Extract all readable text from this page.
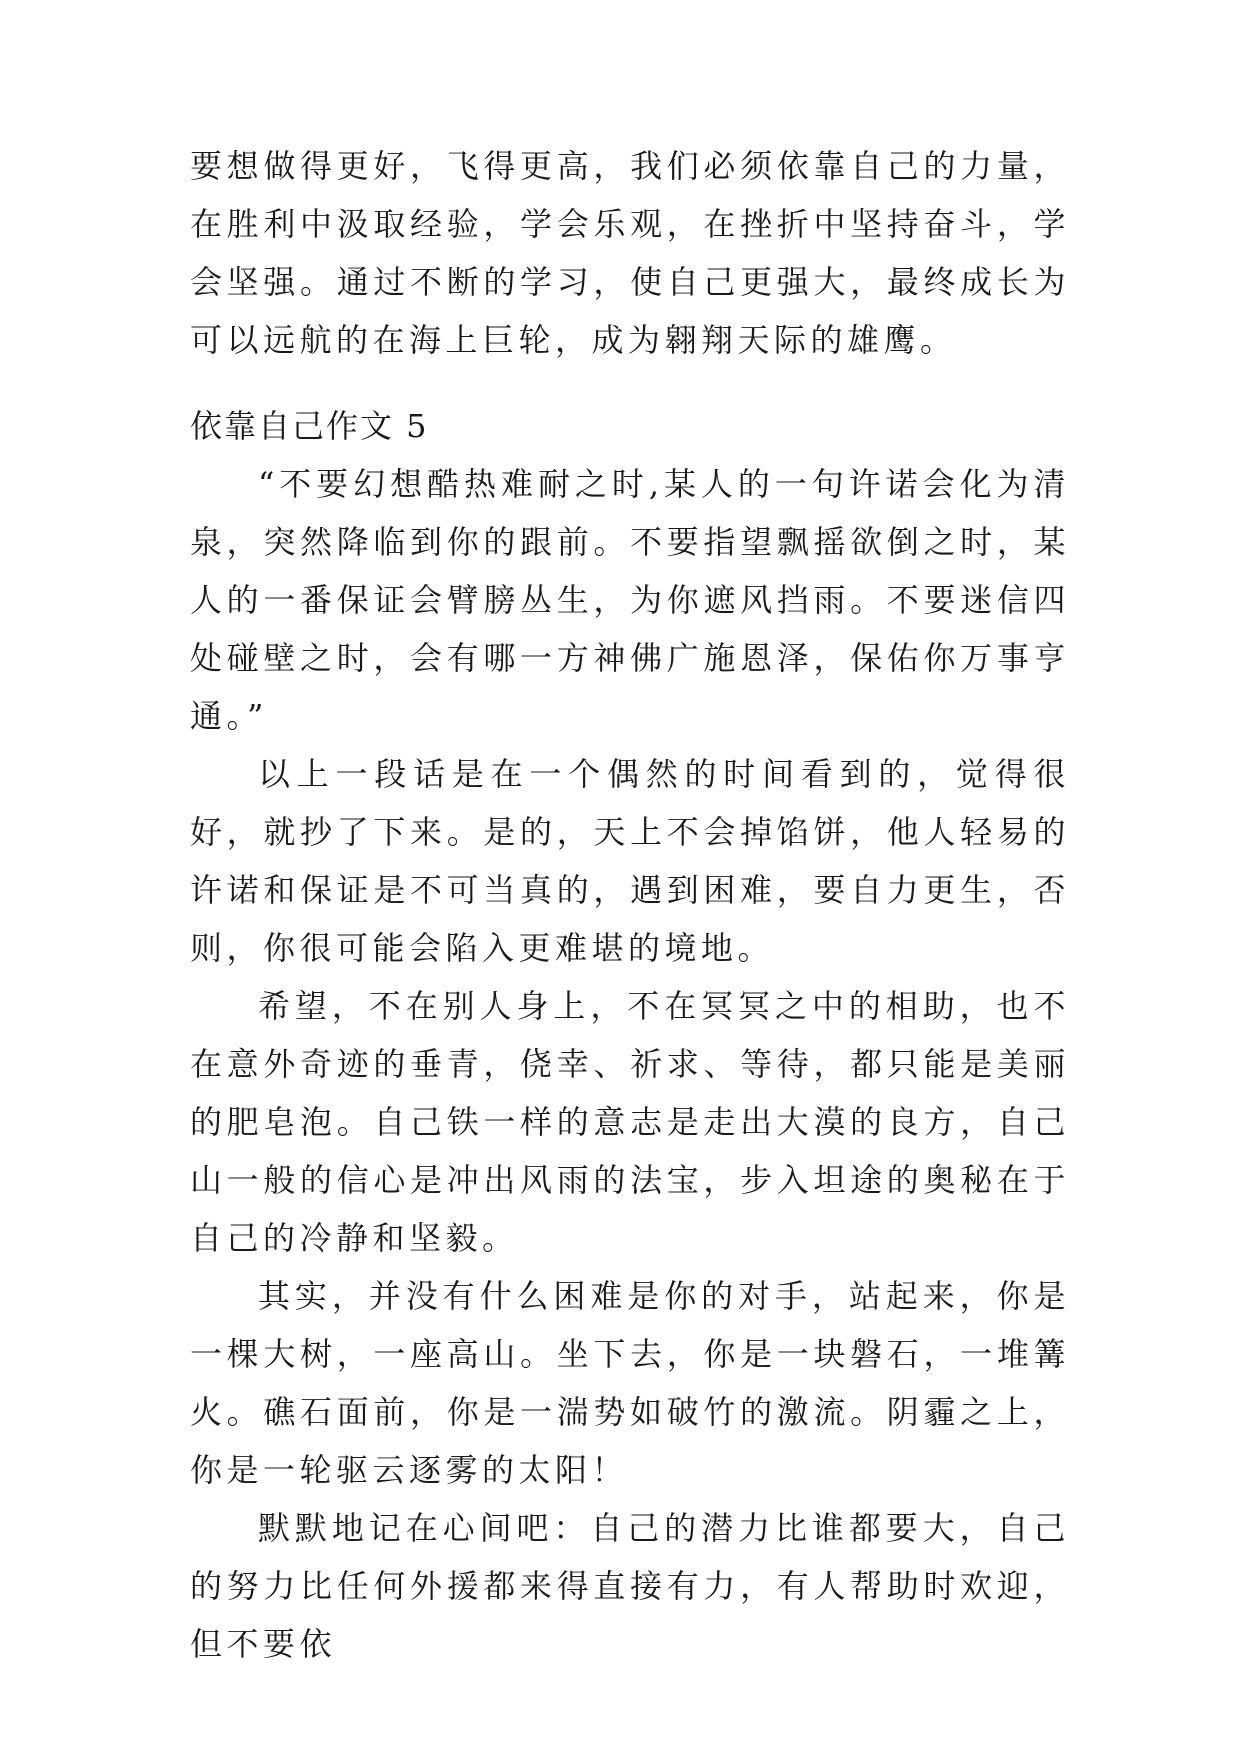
要想做得更好，飞得更高，我们必须依靠自己的力量，在胜利中汲取经验，学会乐观，在挫折中坚持奋斗，学会坚强。通过不断的学习，使自己更强大，最终成长为可以远航的在海上巨轮，成为翱翔天际的雄鹰。

依靠自己作文 5

“不要幻想酷热难耐之时,某人的一句许诺会化为清泉，突然降临到你的跟前。不要指望飘摇欲倒之时，某人的一番保证会臂膀丛生，为你遮风挡雨。不要迷信四处碰壁之时，会有哪一方神佛广施恩泽，保佑你万事亨通。”

以上一段话是在一个偶然的时间看到的，觉得很好，就抄了下来。是的，天上不会掉馅饼，他人轻易的许诺和保证是不可当真的，遇到困难，要自力更生，否则，你很可能会陷入更难堪的境地。

希望，不在别人身上，不在冥冥之中的相助，也不在意外奇迹的垂青，侥幸、祈求、等待，都只能是美丽的肥皂泡。自己铁一样的意志是走出大漠的良方，自己山一般的信心是冲出风雨的法宝，步入坦途的奥秘在于自己的冷静和坚毅。

其实，并没有什么困难是你的对手，站起来，你是一棵大树，一座高山。坐下去，你是一块磐石，一堆篝火。礁石面前，你是一湍势如破竹的激流。阴霾之上，你是一轮驱云逐雾的太阳！

默默地记在心间吧：自己的潜力比谁都要大，自己的努力比任何外援都来得直接有力，有人帮助时欢迎，但不要依
